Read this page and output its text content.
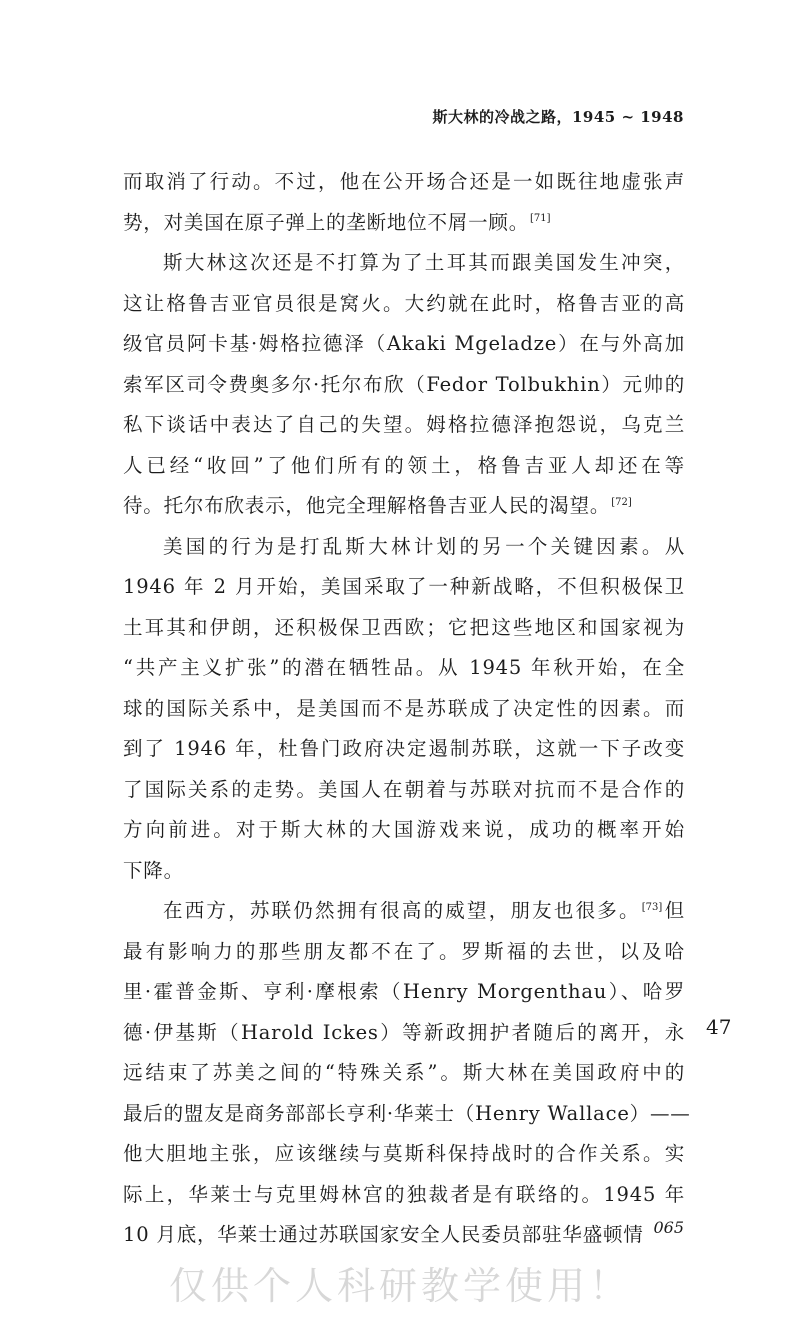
斯大林的冷战之路，1945 ~ 1948
而取消了行动。不过，他在公开场合还是一如既往地虚张声
势，对美国在原子弹上的垄断地位不屑一顾。[71]
斯大林这次还是不打算为了土耳其而跟美国发生冲突，
这让格鲁吉亚官员很是窝火。大约就在此时，格鲁吉亚的高
级官员阿卡基·姆格拉德泽（Akaki Mgeladze）在与外高加
索军区司令费奥多尔·托尔布欣（Fedor Tolbukhin）元帅的
私下谈话中表达了自己的失望。姆格拉德泽抱怨说，乌克兰
人已经“收回”了他们所有的领土，格鲁吉亚人却还在等
待。托尔布欣表示，他完全理解格鲁吉亚人民的渴望。[72]
美国的行为是打乱斯大林计划的另一个关键因素。从
1946 年 2 月开始，美国采取了一种新战略，不但积极保卫
土耳其和伊朗，还积极保卫西欧；它把这些地区和国家视为
“共产主义扩张”的潜在牺牲品。从 1945 年秋开始，在全
球的国际关系中，是美国而不是苏联成了决定性的因素。而
到了 1946 年，杜鲁门政府决定遏制苏联，这就一下子改变
了国际关系的走势。美国人在朝着与苏联对抗而不是合作的
方向前进。对于斯大林的大国游戏来说，成功的概率开始
下降。
在西方，苏联仍然拥有很高的威望，朋友也很多。[73]但
最有影响力的那些朋友都不在了。罗斯福的去世，以及哈
里·霍普金斯、亨利·摩根索（Henry Morgenthau）、哈罗
德·伊基斯（Harold Ickes）等新政拥护者随后的离开，永
远结束了苏美之间的“特殊关系”。斯大林在美国政府中的
最后的盟友是商务部部长亨利·华莱士（Henry Wallace）——
他大胆地主张，应该继续与莫斯科保持战时的合作关系。实
际上，华莱士与克里姆林宫的独裁者是有联络的。1945 年
10 月底，华莱士通过苏联国家安全人民委员部驻华盛顿情
47
065
仅供个人科研教学使用！
